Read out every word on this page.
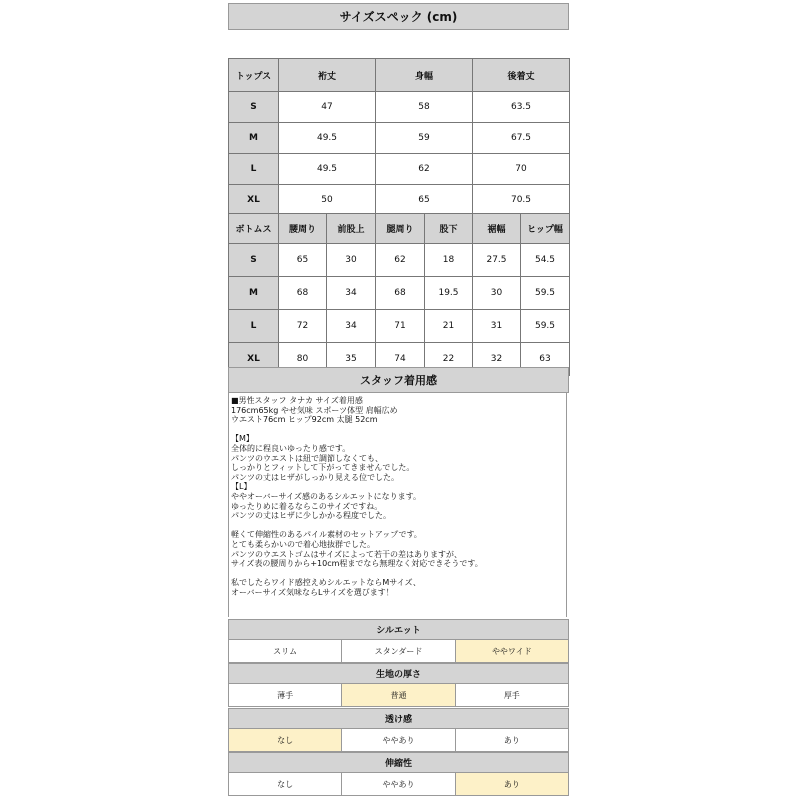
サイズスペック (cm)
トップス	裄丈	身幅	後着丈
S	47	58	63.5
M	49.5	59	67.5
L	49.5	62	70
XL	50	65	70.5
ボトムス	腰周り	前股上	腿周り	股下	裾幅	ヒップ幅
S	65	30	62	18	27.5	54.5
M	68	34	68	19.5	30	59.5
L	72	34	71	21	31	59.5
XL	80	35	74	22	32	63
スタッフ着用感

■男性スタッフ タナカ サイズ着用感

176cm65kg やせ気味 スポーツ体型 肩幅広め

ウエスト76cm ヒップ92cm 太腿 52cm

【M】

全体的に程良いゆったり感です。

パンツのウエストは紐で調節しなくても、

しっかりとフィットして下がってきませんでした。

パンツの丈はヒザがしっかり見える位でした。

【L】

ややオーバーサイズ感のあるシルエットになります。

ゆったりめに着るならこのサイズですね。

パンツの丈はヒザに少しかかる程度でした。

軽くて伸縮性のあるパイル素材のセットアップです。

とても柔らかいので着心地抜群でした。

パンツのウエストゴムはサイズによって若干の差はありますが、

サイズ表の腰周りから+10cm程までなら無理なく対応できそうです。

私でしたらワイド感控えめシルエットならMサイズ、

オーバーサイズ気味ならLサイズを選びます！

シルエット
スリム	スタンダード	ややワイド
生地の厚さ
薄手	普通	厚手
透け感
なし	ややあり	あり
伸縮性
なし	ややあり	あり
